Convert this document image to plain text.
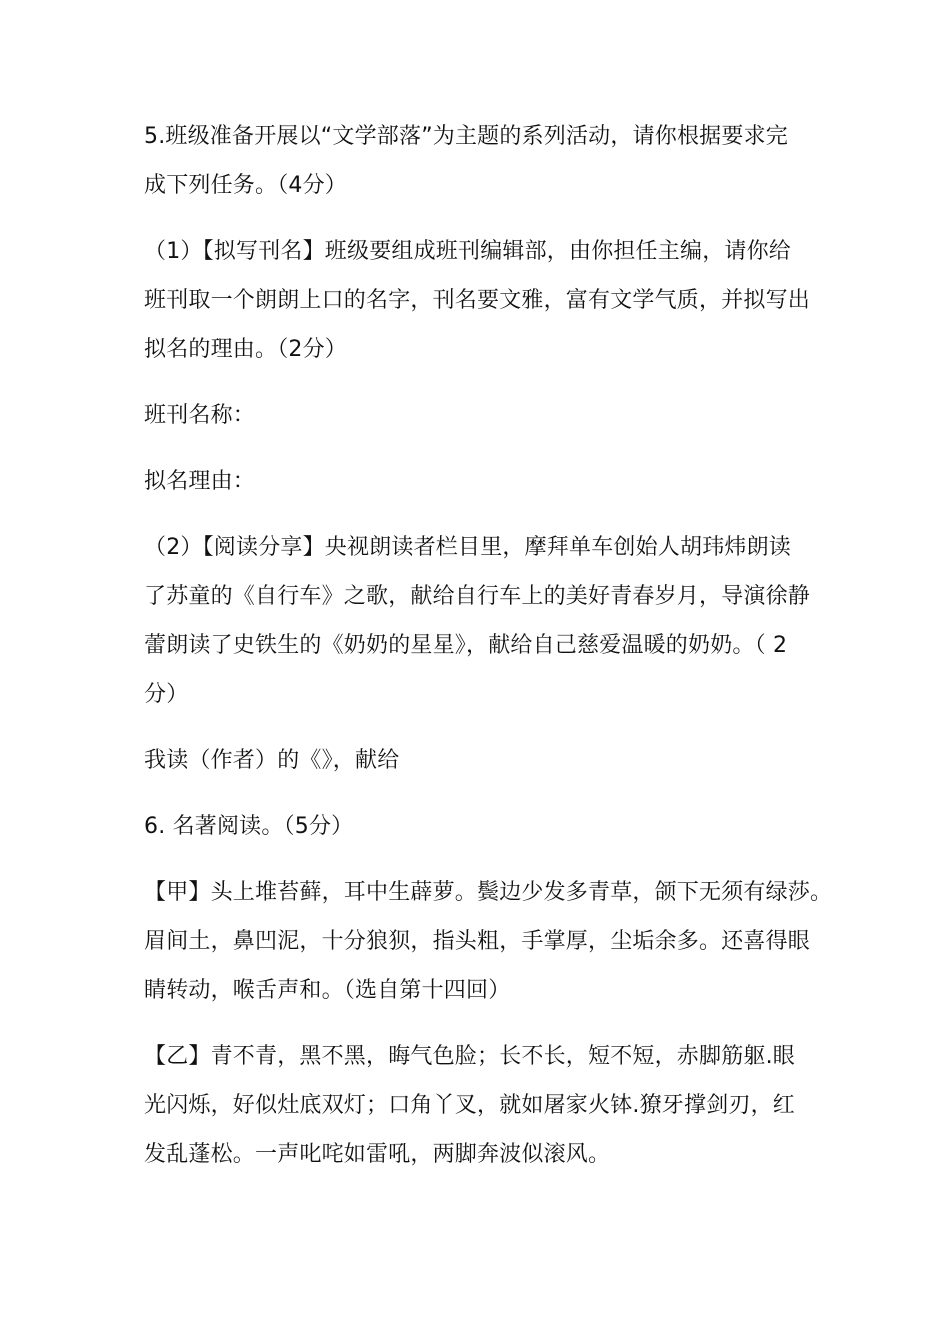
5.班级准备开展以“文学部落”为主题的系列活动，请你根据要求完
成下列任务。（4分）

（1）【拟写刊名】班级要组成班刊编辑部，由你担任主编，请你给
班刊取一个朗朗上口的名字，刊名要文雅，富有文学气质，并拟写出
拟名的理由。（2分）

班刊名称：

拟名理由：

（2）【阅读分享】央视朗读者栏目里，摩拜单车创始人胡玮炜朗读
了苏童的《自行车》之歌，献给自行车上的美好青春岁月，导演徐静
蕾朗读了史铁生的《奶奶的星星》，献给自己慈爱温暖的奶奶。（ 2
分）

我读（作者）的《》，献给

6. 名著阅读。（5分）

【甲】头上堆苔藓，耳中生薜萝。鬓边少发多青草，颌下无须有绿莎。
眉间土，鼻凹泥，十分狼狈，指头粗，手掌厚，尘垢余多。还喜得眼
睛转动，喉舌声和。（选自第十四回）

【乙】青不青，黑不黑，晦气色脸；长不长，短不短，赤脚筋躯.眼
光闪烁，好似灶底双灯；口角丫叉，就如屠家火钵.獠牙撑剑刃，红
发乱蓬松。一声叱咤如雷吼，两脚奔波似滚风。
